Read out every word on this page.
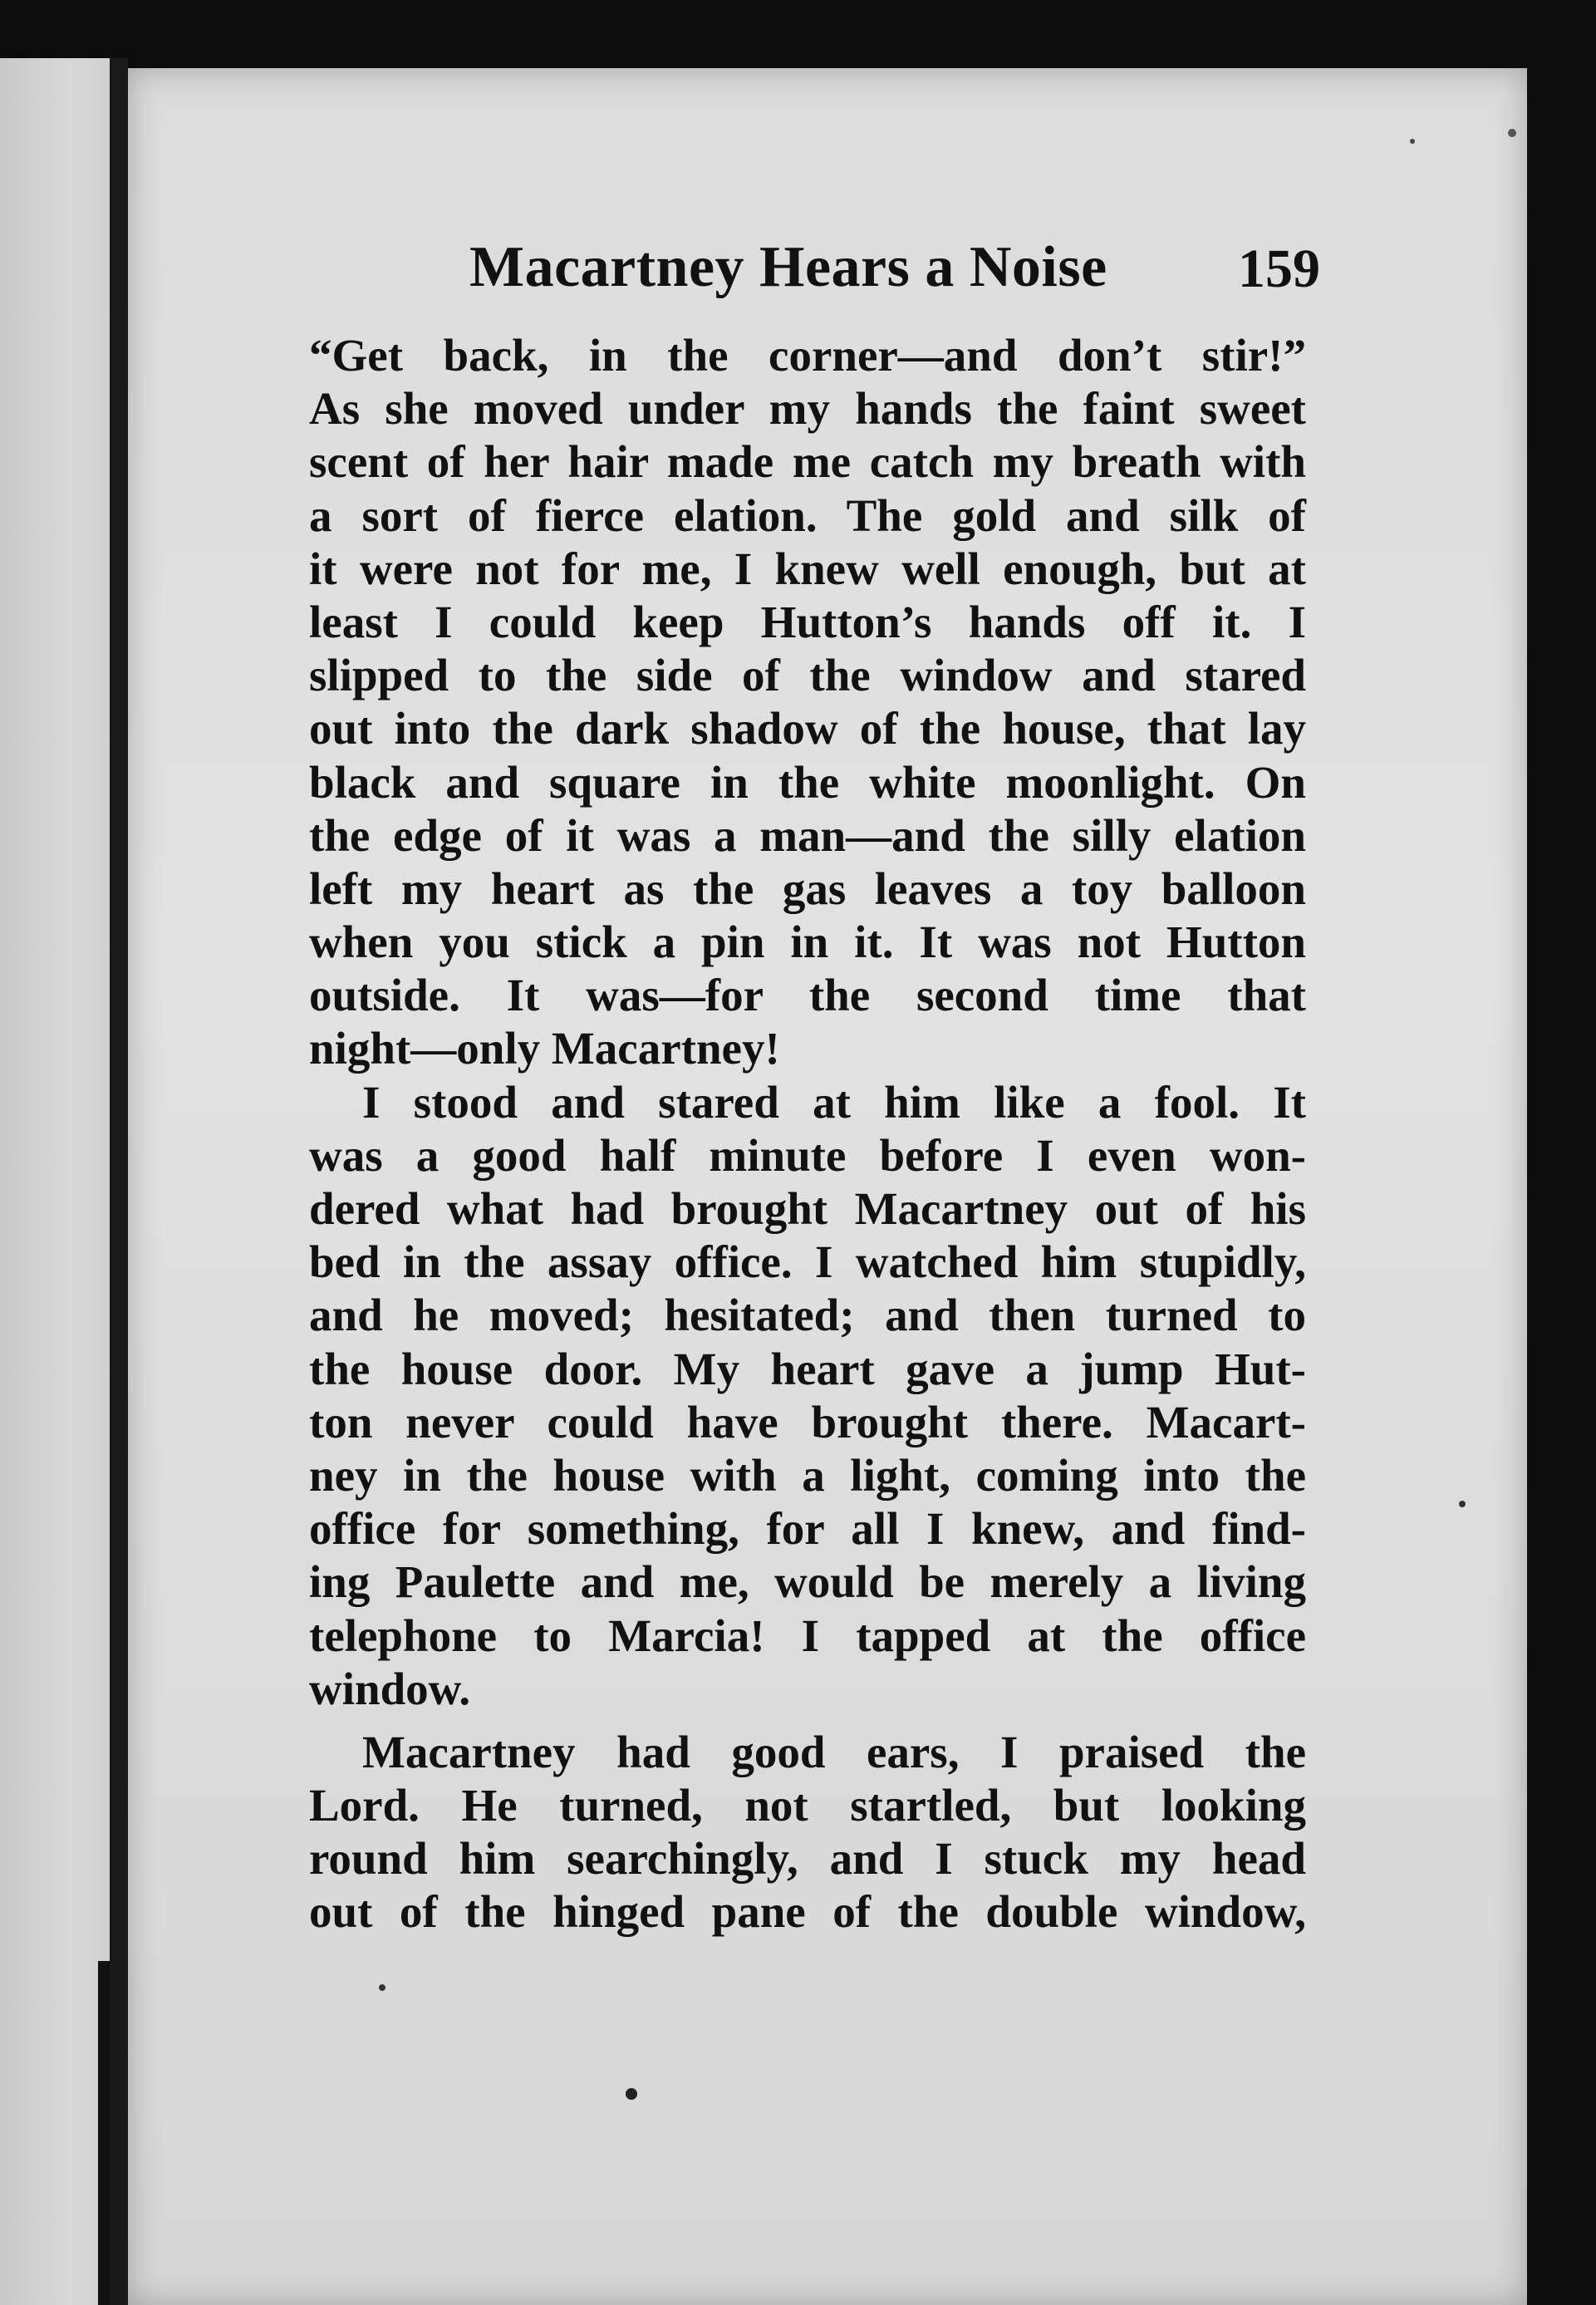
Macartney Hears a Noise 159
“Get back, in the corner—and don’t stir!”
As she moved under my hands the faint sweet
scent of her hair made me catch my breath with
a sort of fierce elation. The gold and silk of
it were not for me, I knew well enough, but at
least I could keep Hutton’s hands off it. I
slipped to the side of the window and stared
out into the dark shadow of the house, that lay
black and square in the white moonlight. On
the edge of it was a man—and the silly elation
left my heart as the gas leaves a toy balloon
when you stick a pin in it. It was not Hutton
outside. It was—for the second time that
night—only Macartney!
I stood and stared at him like a fool. It
was a good half minute before I even won-
dered what had brought Macartney out of his
bed in the assay office. I watched him stupidly,
and he moved; hesitated; and then turned to
the house door. My heart gave a jump Hut-
ton never could have brought there. Macart-
ney in the house with a light, coming into the
office for something, for all I knew, and find-
ing Paulette and me, would be merely a living
telephone to Marcia! I tapped at the office
window.
Macartney had good ears, I praised the
Lord. He turned, not startled, but looking
round him searchingly, and I stuck my head
out of the hinged pane of the double window,
